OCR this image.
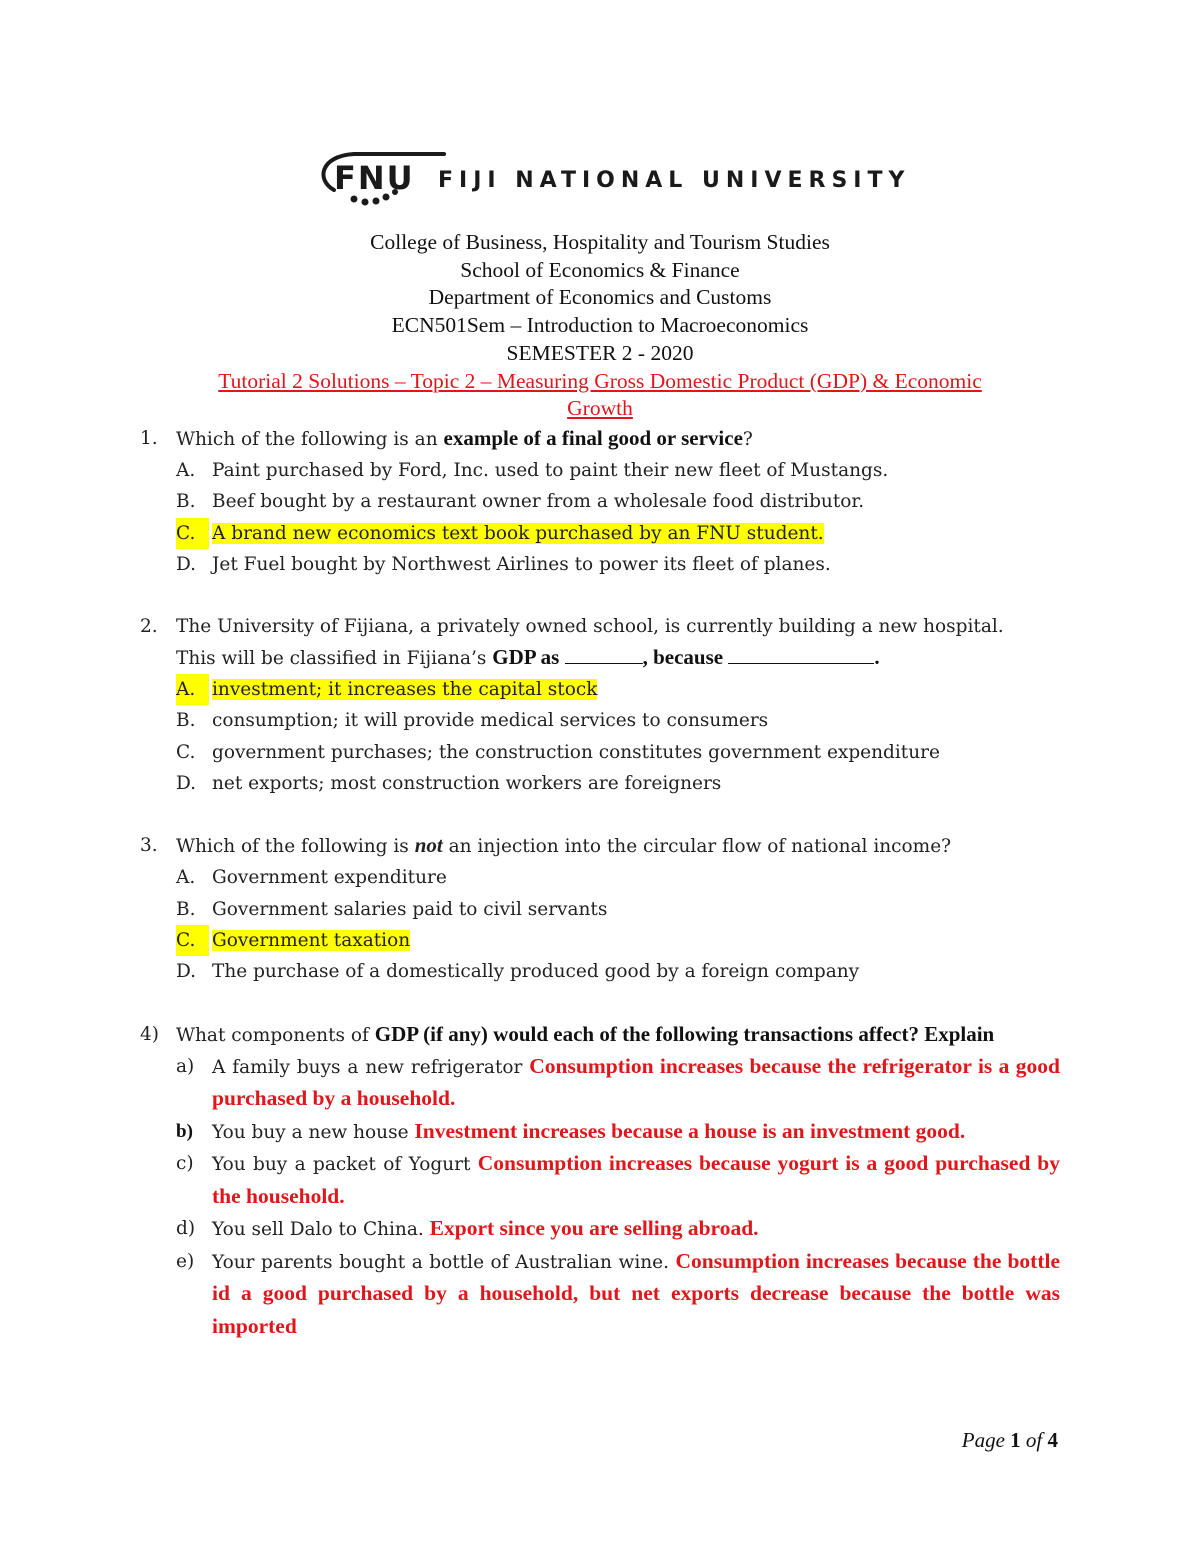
FNU FIJI NATIONAL UNIVERSITY
College of Business, Hospitality and Tourism Studies
School of Economics & Finance
Department of Economics and Customs
ECN501Sem – Introduction to Macroeconomics
SEMESTER 2 - 2020
Tutorial 2 Solutions – Topic 2 – Measuring Gross Domestic Product (GDP) & Economic
Growth
1. Which of the following is an example of a final good or service?
A. Paint purchased by Ford, Inc. used to paint their new fleet of Mustangs.
B. Beef bought by a restaurant owner from a wholesale food distributor.
C. A brand new economics text book purchased by an FNU student.
D. Jet Fuel bought by Northwest Airlines to power its fleet of planes.
2. The University of Fijiana, a privately owned school, is currently building a new hospital.
This will be classified in Fijiana’s GDP as	, because	.
A. investment; it increases the capital stock
B. consumption; it will provide medical services to consumers
C. government purchases; the construction constitutes government expenditure
D. net exports; most construction workers are foreigners
3. Which of the following is not an injection into the circular flow of national income?
A. Government expenditure
B. Government salaries paid to civil servants
C. Government taxation
D. The purchase of a domestically produced good by a foreign company
4) What components of GDP (if any) would each of the following transactions affect? Explain
a) A family buys a new refrigerator Consumption increases because the refrigerator is a good purchased by a household.
b) You buy a new house Investment increases because a house is an investment good.
c) You buy a packet of Yogurt Consumption increases because yogurt is a good purchased by the household.
d) You sell Dalo to China. Export since you are selling abroad.
e) Your parents bought a bottle of Australian wine. Consumption increases because the bottle id a good purchased by a household, but net exports decrease because the bottle was imported
Page 1 of 4
